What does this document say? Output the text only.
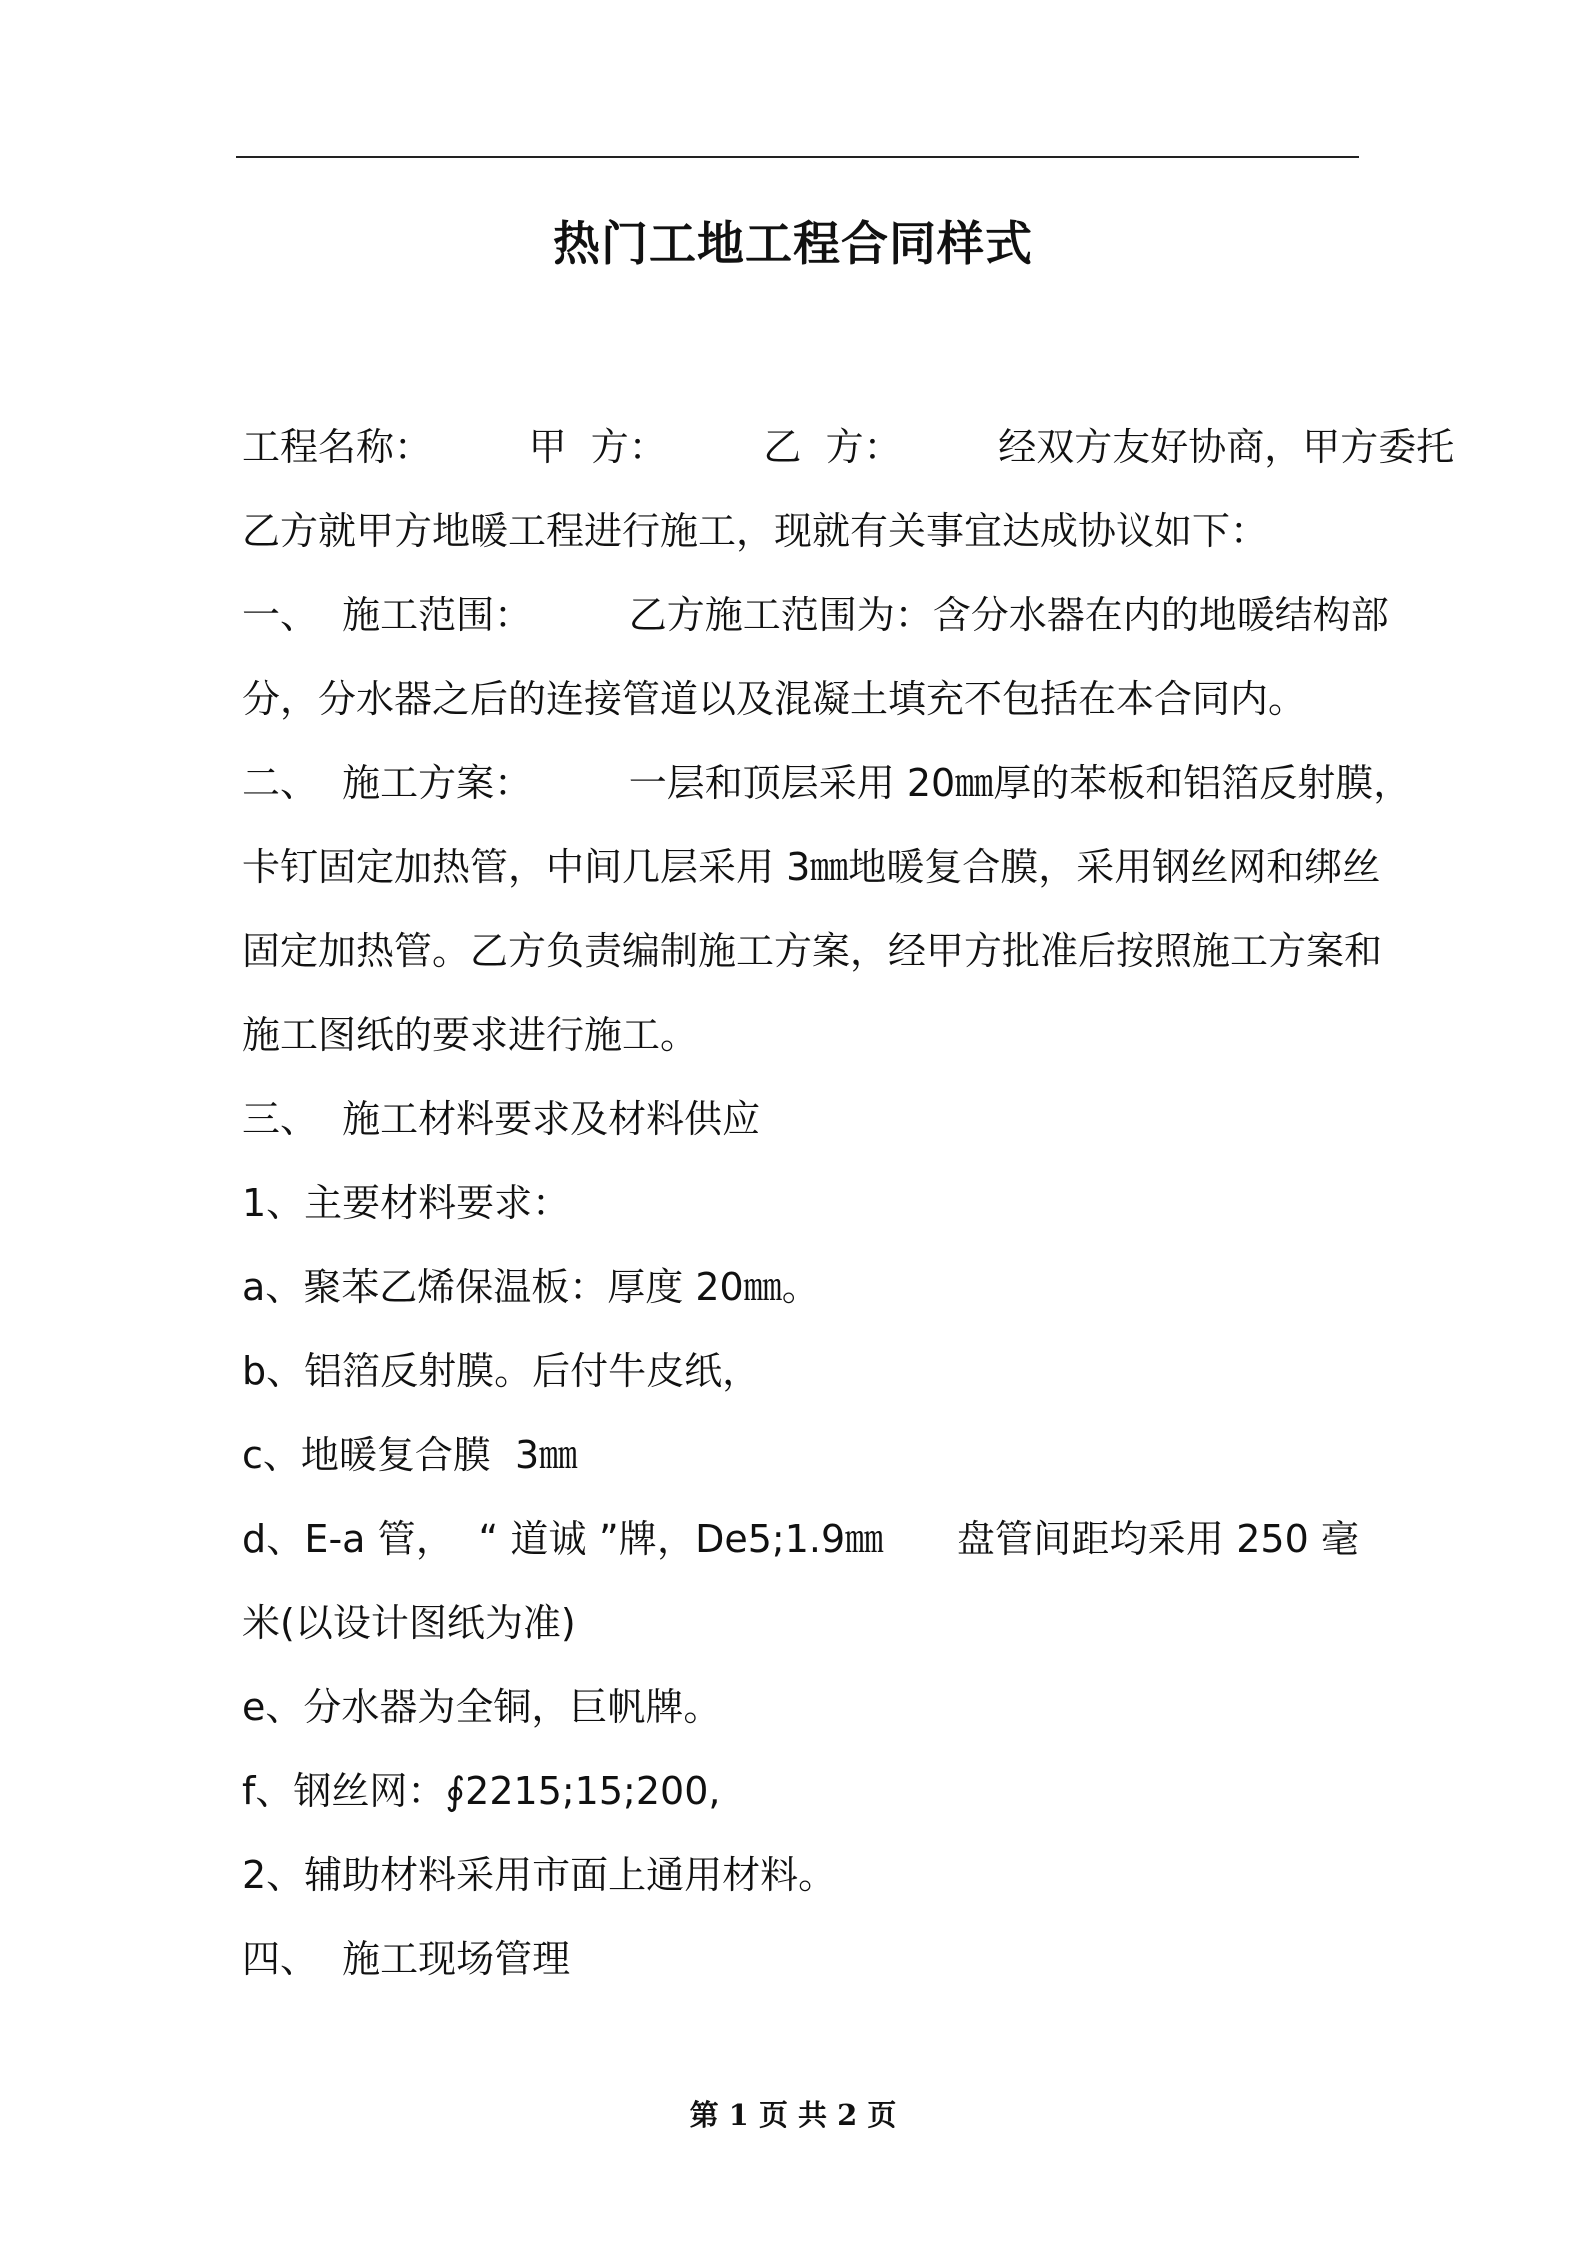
热门工地工程合同样式
工程名称：        甲  方：        乙  方：        经双方友好协商，甲方委托
乙方就甲方地暖工程进行施工，现就有关事宜达成协议如下：
一、  施工范围：        乙方施工范围为：含分水器在内的地暖结构部
分，分水器之后的连接管道以及混凝土填充不包括在本合同内。
二、  施工方案：        一层和顶层采用 20㎜厚的苯板和铝箔反射膜，
卡钉固定加热管，中间几层采用 3㎜地暖复合膜，采用钢丝网和绑丝
固定加热管。乙方负责编制施工方案，经甲方批准后按照施工方案和
施工图纸的要求进行施工。
三、  施工材料要求及材料供应
1、主要材料要求：
a、聚苯乙烯保温板：厚度 20㎜。
b、铝箔反射膜。后付牛皮纸，
c、地暖复合膜  3㎜
d、E-a 管，  “ 道诚 ”牌，De5;1.9㎜      盘管间距均采用 250 毫
米(以设计图纸为准)
e、分水器为全铜，巨帆牌。
f、钢丝网：∮2215;15;200,
2、辅助材料采用市面上通用材料。
四、  施工现场管理
第 1 页 共 2 页
